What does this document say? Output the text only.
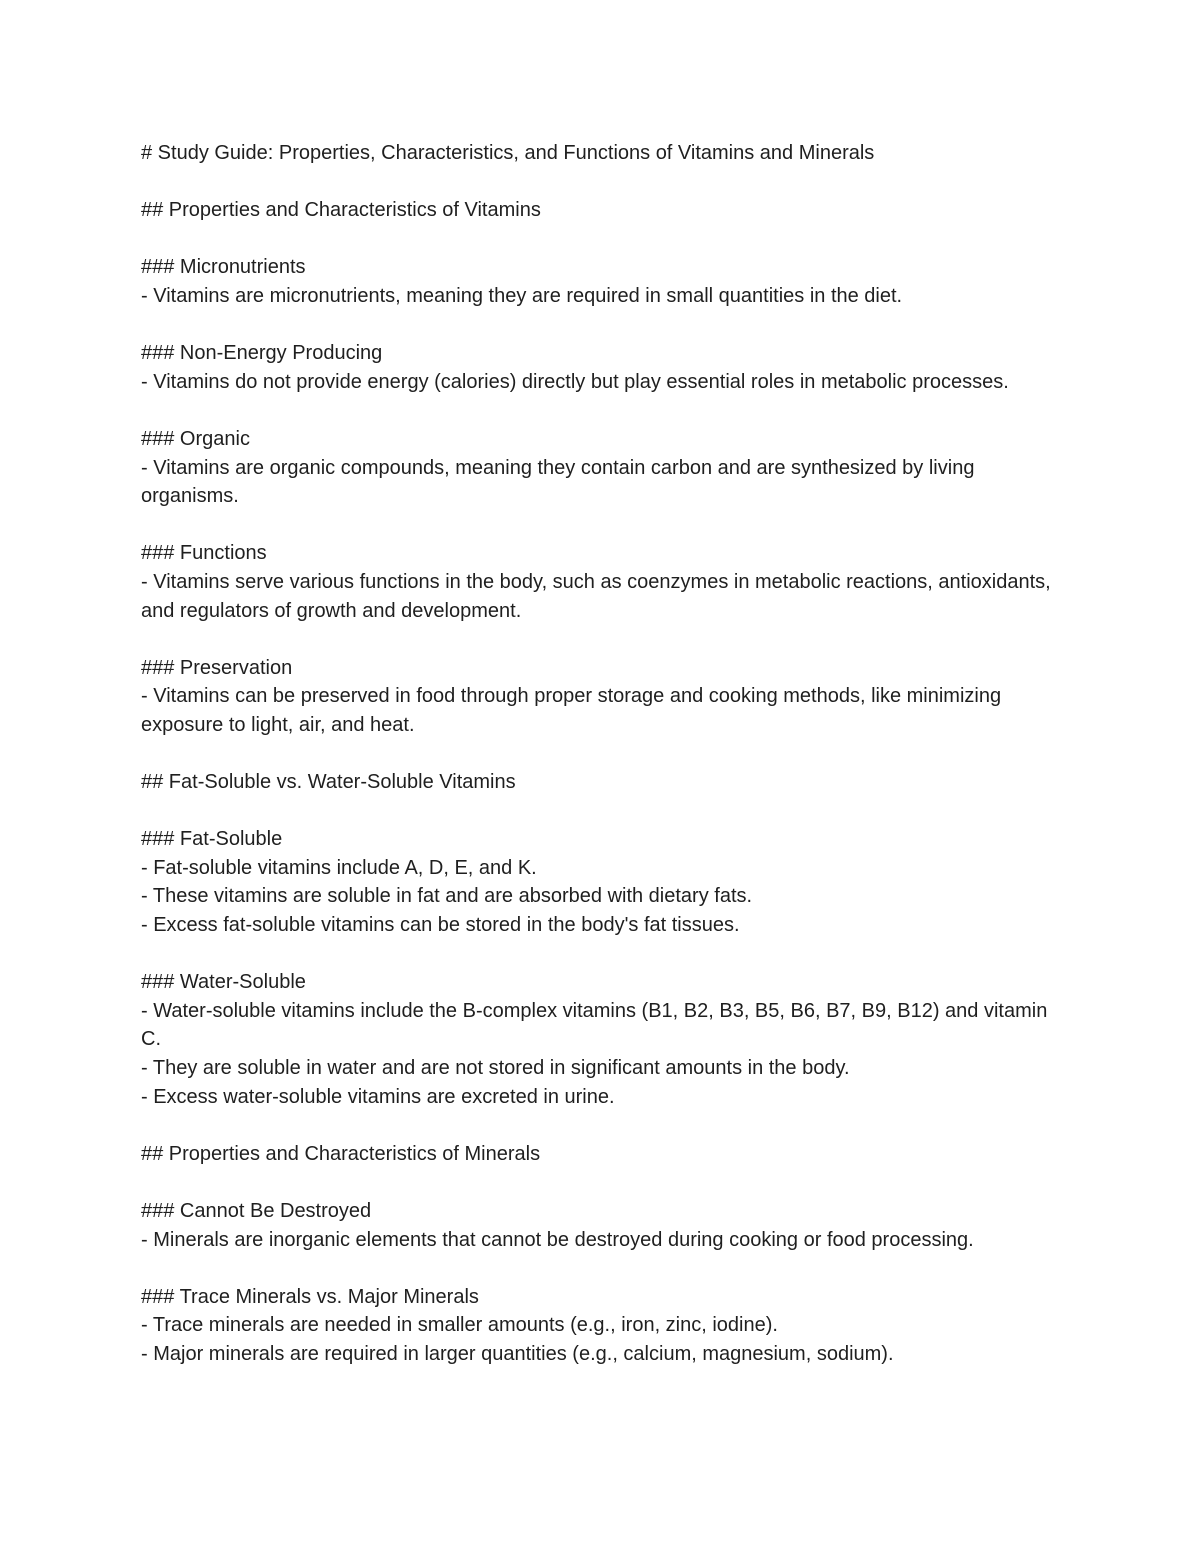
# Study Guide: Properties, Characteristics, and Functions of Vitamins and Minerals

## Properties and Characteristics of Vitamins

### Micronutrients

- Vitamins are micronutrients, meaning they are required in small quantities in the diet.

### Non-Energy Producing

- Vitamins do not provide energy (calories) directly but play essential roles in metabolic processes.

### Organic

- Vitamins are organic compounds, meaning they contain carbon and are synthesized by living organisms.

### Functions

- Vitamins serve various functions in the body, such as coenzymes in metabolic reactions, antioxidants, and regulators of growth and development.

### Preservation

- Vitamins can be preserved in food through proper storage and cooking methods, like minimizing exposure to light, air, and heat.

## Fat-Soluble vs. Water-Soluble Vitamins

### Fat-Soluble

- Fat-soluble vitamins include A, D, E, and K.

- These vitamins are soluble in fat and are absorbed with dietary fats.

- Excess fat-soluble vitamins can be stored in the body's fat tissues.

### Water-Soluble

- Water-soluble vitamins include the B-complex vitamins (B1, B2, B3, B5, B6, B7, B9, B12) and vitamin C.

- They are soluble in water and are not stored in significant amounts in the body.

- Excess water-soluble vitamins are excreted in urine.

## Properties and Characteristics of Minerals

### Cannot Be Destroyed

- Minerals are inorganic elements that cannot be destroyed during cooking or food processing.

### Trace Minerals vs. Major Minerals

- Trace minerals are needed in smaller amounts (e.g., iron, zinc, iodine).

- Major minerals are required in larger quantities (e.g., calcium, magnesium, sodium).
